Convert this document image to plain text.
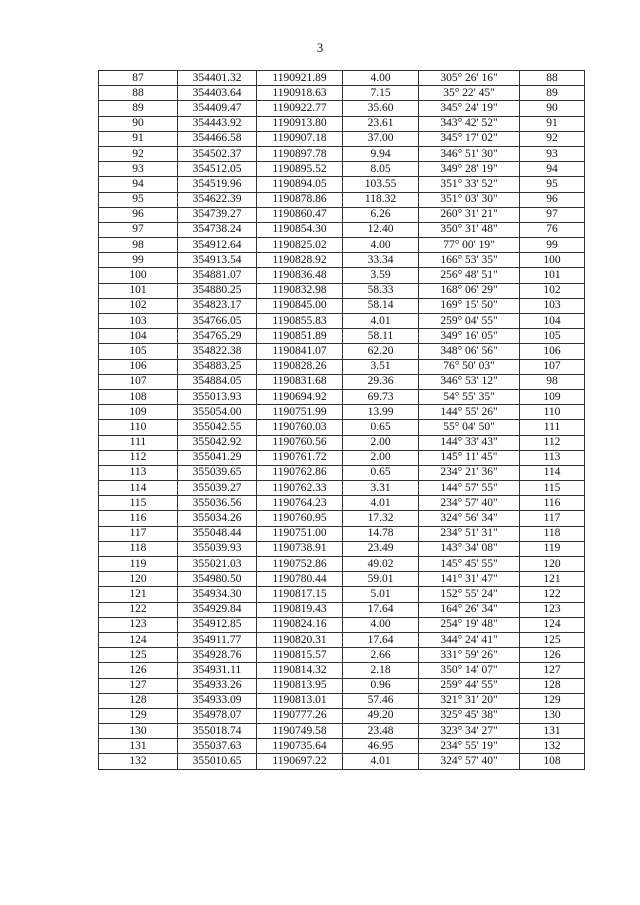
3
87	354401.32	1190921.89	4.00	305° 26' 16"	88
88	354403.64	1190918.63	7.15	35° 22' 45"	89
89	354409.47	1190922.77	35.60	345° 24' 19"	90
90	354443.92	1190913.80	23.61	343° 42' 52"	91
91	354466.58	1190907.18	37.00	345° 17' 02"	92
92	354502.37	1190897.78	9.94	346° 51' 30"	93
93	354512.05	1190895.52	8.05	349° 28' 19"	94
94	354519.96	1190894.05	103.55	351° 33' 52"	95
95	354622.39	1190878.86	118.32	351° 03' 30"	96
96	354739.27	1190860.47	6.26	260° 31' 21"	97
97	354738.24	1190854.30	12.40	350° 31' 48"	76
98	354912.64	1190825.02	4.00	77° 00' 19"	99
99	354913.54	1190828.92	33.34	166° 53' 35"	100
100	354881.07	1190836.48	3.59	256° 48' 51"	101
101	354880.25	1190832.98	58.33	168° 06' 29"	102
102	354823.17	1190845.00	58.14	169° 15' 50"	103
103	354766.05	1190855.83	4.01	259° 04' 55"	104
104	354765.29	1190851.89	58.11	349° 16' 05"	105
105	354822.38	1190841.07	62.20	348° 06' 56"	106
106	354883.25	1190828.26	3.51	76° 50' 03"	107
107	354884.05	1190831.68	29.36	346° 53' 12"	98
108	355013.93	1190694.92	69.73	54° 55' 35"	109
109	355054.00	1190751.99	13.99	144° 55' 26"	110
110	355042.55	1190760.03	0.65	55° 04' 50"	111
111	355042.92	1190760.56	2.00	144° 33' 43"	112
112	355041.29	1190761.72	2.00	145° 11' 45"	113
113	355039.65	1190762.86	0.65	234° 21' 36"	114
114	355039.27	1190762.33	3.31	144° 57' 55"	115
115	355036.56	1190764.23	4.01	234° 57' 40"	116
116	355034.26	1190760.95	17.32	324° 56' 34"	117
117	355048.44	1190751.00	14.78	234° 51' 31"	118
118	355039.93	1190738.91	23.49	143° 34' 08"	119
119	355021.03	1190752.86	49.02	145° 45' 55"	120
120	354980.50	1190780.44	59.01	141° 31' 47"	121
121	354934.30	1190817.15	5.01	152° 55' 24"	122
122	354929.84	1190819.43	17.64	164° 26' 34"	123
123	354912.85	1190824.16	4.00	254° 19' 48"	124
124	354911.77	1190820.31	17.64	344° 24' 41"	125
125	354928.76	1190815.57	2.66	331° 59' 26"	126
126	354931.11	1190814.32	2.18	350° 14' 07"	127
127	354933.26	1190813.95	0.96	259° 44' 55"	128
128	354933.09	1190813.01	57.46	321° 31' 20"	129
129	354978.07	1190777.26	49.20	325° 45' 38"	130
130	355018.74	1190749.58	23.48	323° 34' 27"	131
131	355037.63	1190735.64	46.95	234° 55' 19"	132
132	355010.65	1190697.22	4.01	324° 57' 40"	108
